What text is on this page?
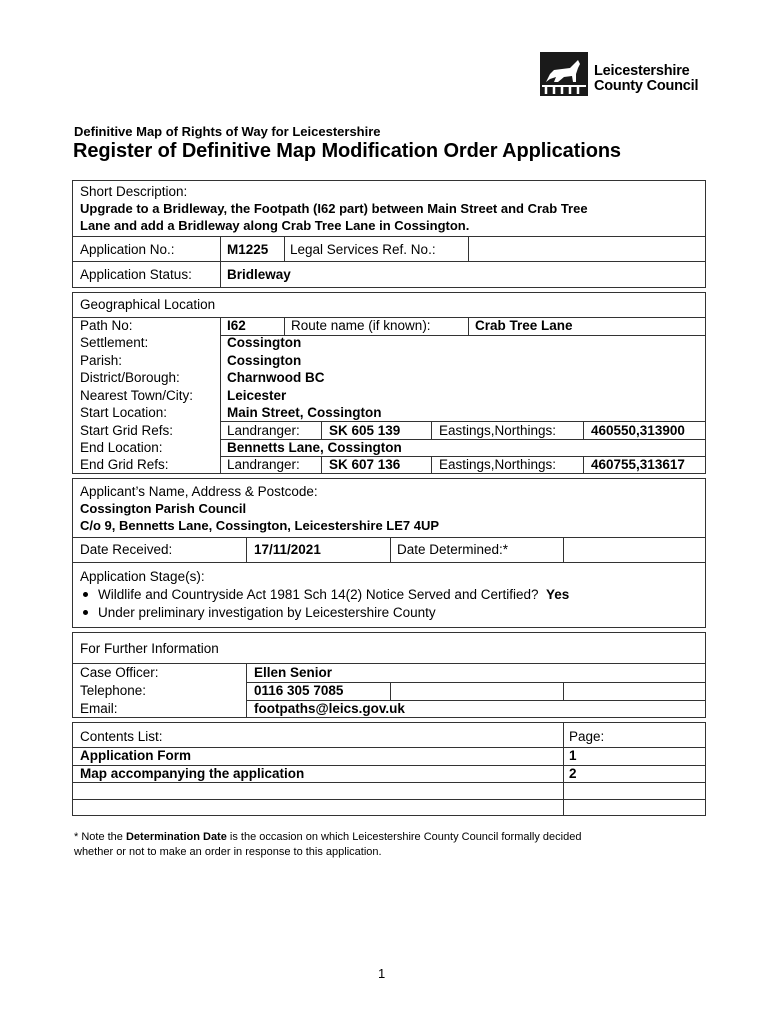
Leicestershire
County Council
Definitive Map of Rights of Way for Leicestershire
Register of Definitive Map Modification Order Applications
Short Description:
Upgrade to a Bridleway, the Footpath (I62 part) between Main Street and Crab Tree
Lane and add a Bridleway along Crab Tree Lane in Cossington.
Application No.:	M1225 Legal Services Ref. No.:
Application Status:	Bridleway
Geographical Location
Path No:	I62	Route name (if known):	Crab Tree Lane
Settlement:	Cossington
Parish:	Cossington
District/Borough:	Charnwood BC
Nearest Town/City:	Leicester
Start Location:	Main Street, Cossington
Start Grid Refs:	Landranger: SK 605 139	Eastings,Northings:	460550,313900
End Location:	Bennetts Lane, Cossington
End Grid Refs:	Landranger: SK 607 136	Eastings,Northings:	460755,313617
Applicant’s Name, Address & Postcode:
Cossington Parish Council
C/o 9, Bennetts Lane, Cossington, Leicestershire LE7 4UP
Date Received:	17/11/2021	Date Determined:*
Application Stage(s):
Wildlife and Countryside Act 1981 Sch 14(2) Notice Served and Certified? Yes
Under preliminary investigation by Leicestershire County
For Further Information
Case Officer:	Ellen Senior
Telephone:	0116 305 7085
Email:	footpaths@leics.gov.uk
Contents List:	Page:
Application Form	1
Map accompanying the application	2
* Note the Determination Date is the occasion on which Leicestershire County Council formally decided
whether or not to make an order in response to this application.
1
